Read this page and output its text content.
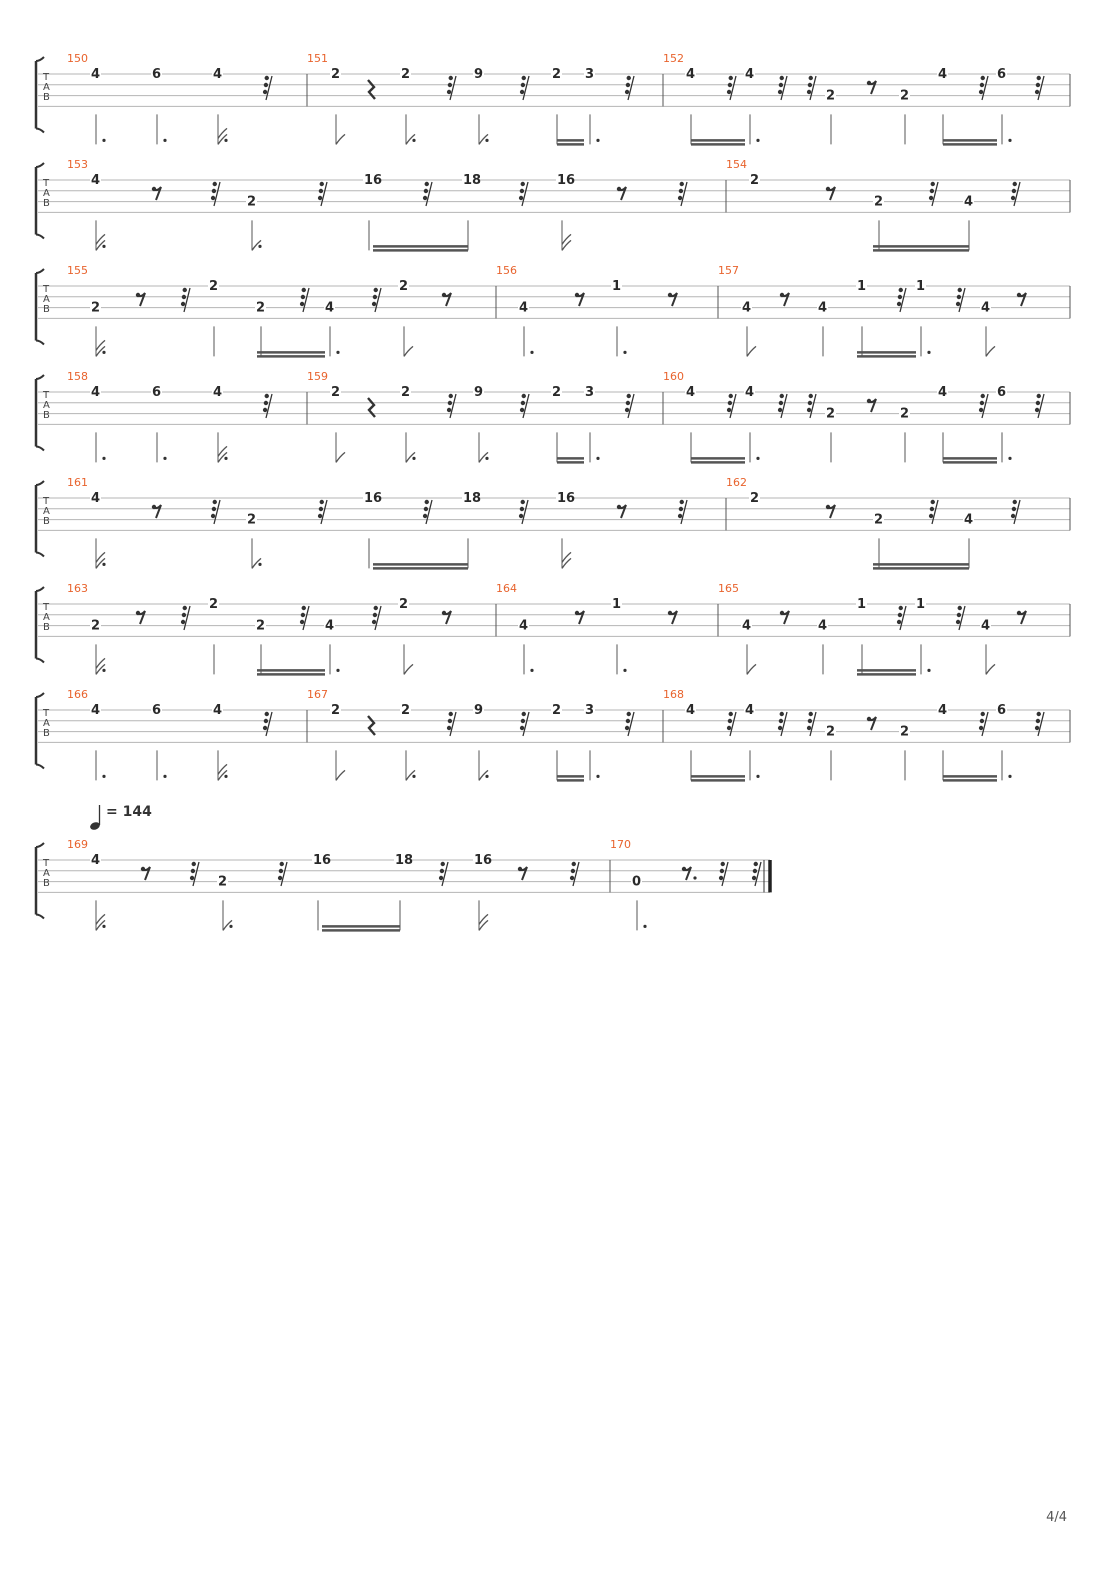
T
A
B
150
4	6	4
151
2	2	9	2 3
152
4	4
2	2
4	6
T
A
B
153
4
2
16	18	16
154
2
2	4
T
A
B
155
2
2
2	4
2
156
4
1
157
4	4
1	1
4
T
A
B
158
4	6	4
159
2	2	9	2 3
160
4	4
2	2
4	6
T
A
B
161
4
2
16	18	16
162
2
2	4
T
A
B
163
2
2
2	4
2
164
4
1
165
4	4
1	1
4
T
A
B
166
4	6	4
167
2	2	9	2 3
168
4	4
2	2
4	6
T
A
B
169
4
2
16	18	16
170
0
= 144
4/4
